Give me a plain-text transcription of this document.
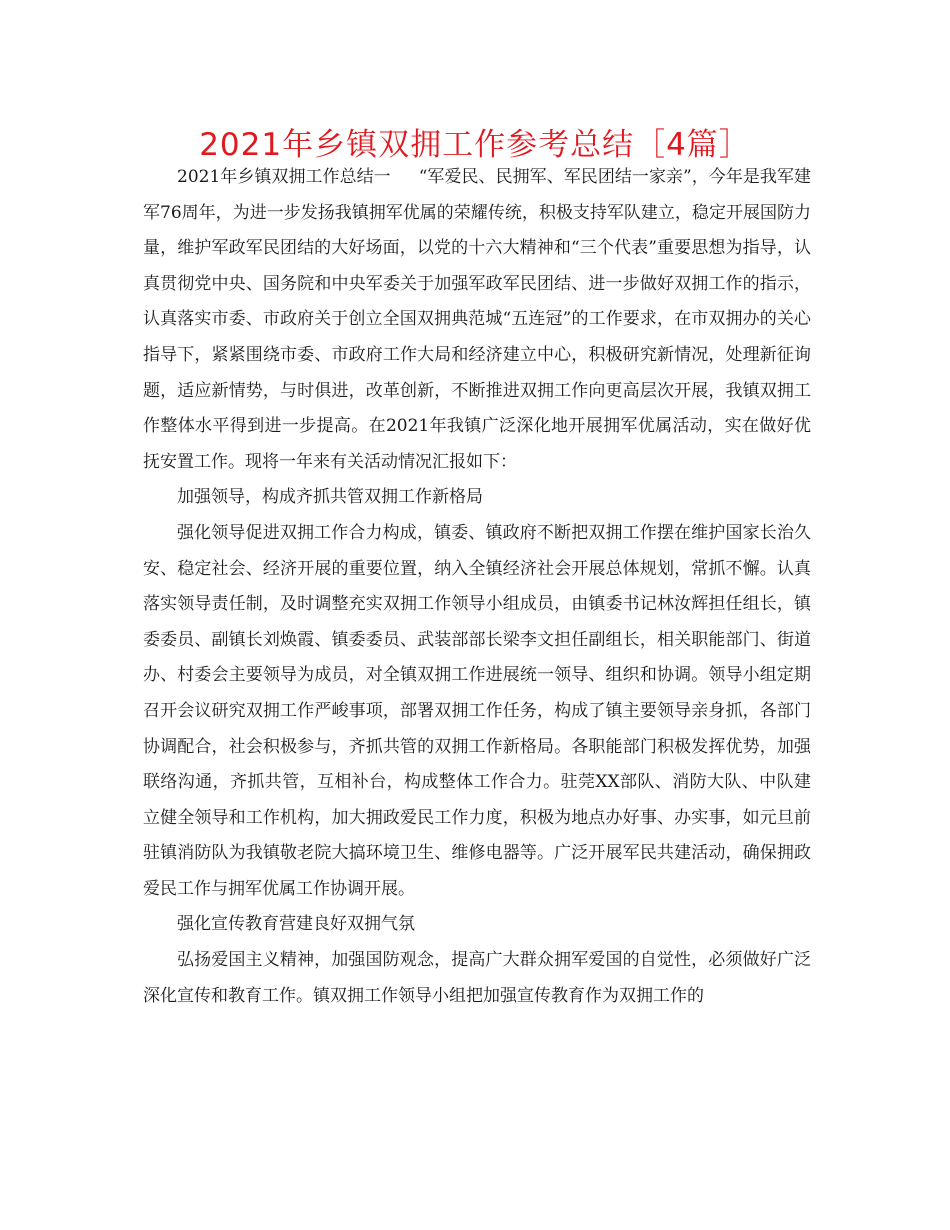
2021年乡镇双拥工作参考总结［4篇］

2021年乡镇双拥工作总结一 “军爱民、民拥军、军民团结一家亲”，今年是我军建军76周年，为进一步发扬我镇拥军优属的荣耀传统，积极支持军队建立，稳定开展国防力量，维护军政军民团结的大好场面，以党的十六大精神和“三个代表”重要思想为指导，认真贯彻党中央、国务院和中央军委关于加强军政军民团结、进一步做好双拥工作的指示，认真落实市委、市政府关于创立全国双拥典范城“五连冠”的工作要求，在市双拥办的关心指导下，紧紧围绕市委、市政府工作大局和经济建立中心，积极研究新情况，处理新征询题，适应新情势，与时俱进，改革创新，不断推进双拥工作向更高层次开展，我镇双拥工作整体水平得到进一步提高。在2021年我镇广泛深化地开展拥军优属活动，实在做好优抚安置工作。现将一年来有关活动情况汇报如下：

加强领导，构成齐抓共管双拥工作新格局

强化领导促进双拥工作合力构成，镇委、镇政府不断把双拥工作摆在维护国家长治久安、稳定社会、经济开展的重要位置，纳入全镇经济社会开展总体规划，常抓不懈。认真落实领导责任制，及时调整充实双拥工作领导小组成员，由镇委书记林汝辉担任组长，镇委委员、副镇长刘焕霞、镇委委员、武装部部长梁李文担任副组长，相关职能部门、街道办、村委会主要领导为成员，对全镇双拥工作进展统一领导、组织和协调。领导小组定期召开会议研究双拥工作严峻事项，部署双拥工作任务，构成了镇主要领导亲身抓，各部门协调配合，社会积极参与，齐抓共管的双拥工作新格局。各职能部门积极发挥优势，加强联络沟通，齐抓共管，互相补台，构成整体工作合力。驻莞XX部队、消防大队、中队建立健全领导和工作机构，加大拥政爱民工作力度，积极为地点办好事、办实事，如元旦前驻镇消防队为我镇敬老院大搞环境卫生、维修电器等。广泛开展军民共建活动，确保拥政爱民工作与拥军优属工作协调开展。

强化宣传教育营建良好双拥气氛

弘扬爱国主义精神，加强国防观念，提高广大群众拥军爱国的自觉性，必须做好广泛深化宣传和教育工作。镇双拥工作领导小组把加强宣传教育作为双拥工作的
